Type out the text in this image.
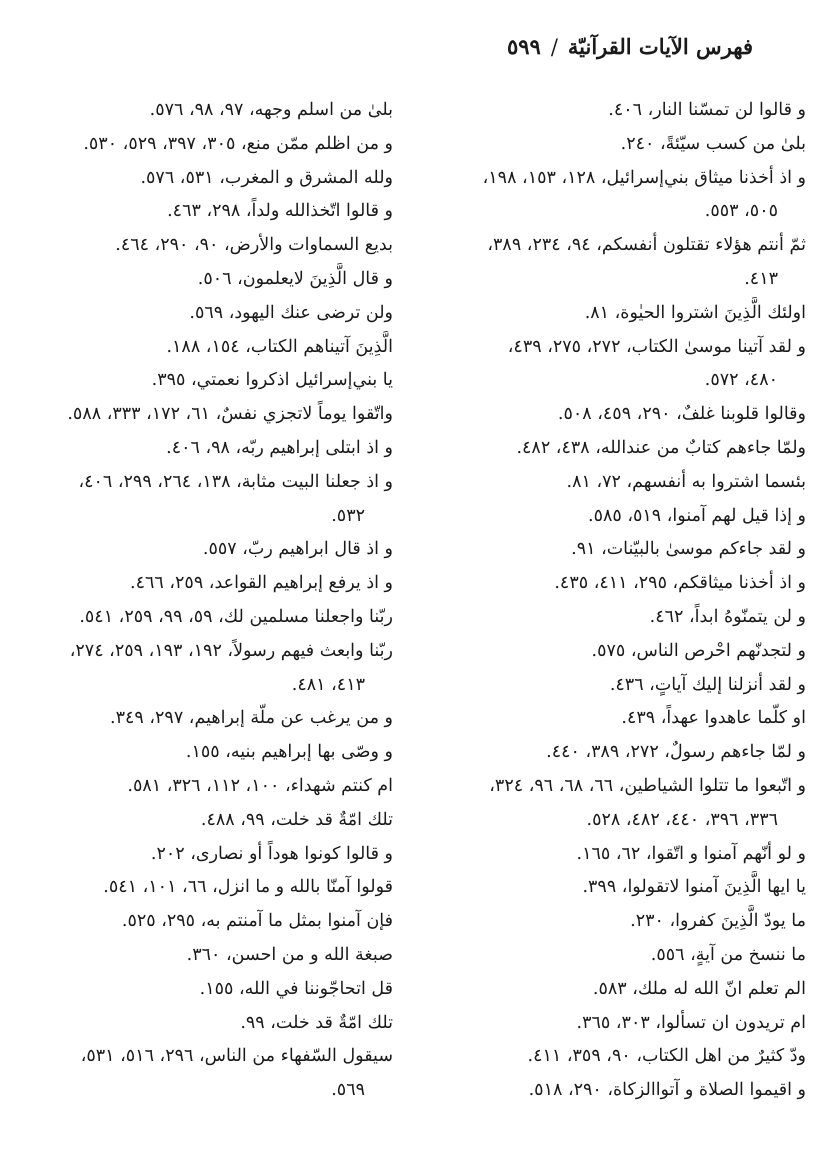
فهرس الآيات القرآنيّة/٥٩٩
و قالوا لن تمسّنا النار، ٤٠٦.
بلىٰ من كسب سيّئةً، ٢٤٠.
و اذ أخذنا ميثاق بني‌إسرائيل، ١٢٨، ١٥٣، ١٩٨،
٥٠٥، ٥٥٣.
ثمّ أنتم هؤلاء تقتلون أنفسكم، ٩٤، ٢٣٤، ٣٨٩،
٤١٣.
اولئك الَّذِينَ اشتروا الحيٰوة، ٨١.
و لقد آتينا موسىٰ الكتاب، ٢٧٢، ٢٧٥، ٤٣٩،
٤٨٠، ٥٧٢.
وقالوا قلوبنا غلفٌ، ٢٩٠، ٤٥٩، ٥٠٨.
ولمّا جاءهم كتابٌ من عندالله، ٤٣٨، ٤٨٢.
بئسما اشتروا به أنفسهم، ٧٢، ٨١.
و إذا قيل لهم آمنوا، ٥١٩، ٥٨٥.
و لقد جاءكم موسىٰ بالبيّنات، ٩١.
و اذ أخذنا ميثاقكم، ٢٩٥، ٤١١، ٤٣٥.
و لن يتمنّوهُ ابداً، ٤٦٢.
و لتجدنّهم احْرص الناس، ٥٧٥.
و لقد أنزلنا إليك آياتٍ، ٤٣٦.
او كلّما عاهدوا عهداً، ٤٣٩.
و لمّا جاءهم رسولٌ، ٢٧٢، ٣٨٩، ٤٤٠.
و اتّبعوا ما تتلوا الشياطين، ٦٦، ٦٨، ٩٦، ٣٢٤،
٣٣٦، ٣٩٦، ٤٤٠، ٤٨٢، ٥٢٨.
و لو أنّهم آمنوا و اتّقوا، ٦٢، ١٦٥.
يا ايها الَّذِينَ آمنوا لاتقولوا، ٣٩٩.
ما يودّ الَّذِينَ كفروا، ٢٣٠.
ما ننسخ من آيةٍ، ٥٥٦.
الم تعلم انّ الله له ملك، ٥٨٣.
ام تريدون ان تسألوا، ٣٠٣، ٣٦٥.
ودّ كثيرٌ من اهل الكتاب، ٩٠، ٣٥٩، ٤١١.
و اقيموا الصلاة و آتواالزكاة، ٢٩٠، ٥١٨.
بلىٰ من اسلم وجهه، ٩٧، ٩٨، ٥٧٦.
و من اظلم ممّن منع، ٣٠٥، ٣٩٧، ٥٢٩، ٥٣٠.
ولله المشرق و المغرب، ٥٣١، ٥٧٦.
و قالوا اتّخذالله ولداً، ٢٩٨، ٤٦٣.
بديع السماوات والأرض، ٩٠، ٢٩٠، ٤٦٤.
و قال الَّذِينَ لايعلمون، ٥٠٦.
ولن ترضى عنك اليهود، ٥٦٩.
الَّذِينَ آتيناهم الكتاب، ١٥٤، ١٨٨.
يا بني‌إسرائيل اذكروا نعمتي، ٣٩٥.
واتّقوا يوماً لاتجزي نفسٌ، ٦١، ١٧٢، ٣٣٣، ٥٨٨.
و اذ ابتلى إبراهيم ربّه، ٩٨، ٤٠٦.
و اذ جعلنا البيت مثابة، ١٣٨، ٢٦٤، ٢٩٩، ٤٠٦،
٥٣٢.
و اذ قال ابراهيم ربّ، ٥٥٧.
و اذ يرفع إبراهيم القواعد، ٢٥٩، ٤٦٦.
ربّنا واجعلنا مسلمين لك، ٥٩، ٩٩، ٢٥٩، ٥٤١.
ربّنا وابعث فيهم رسولاً، ١٩٢، ١٩٣، ٢٥٩، ٢٧٤،
٤١٣، ٤٨١.
و من يرغب عن ملّة إبراهيم، ٢٩٧، ٣٤٩.
و وصّى بها إبراهيم بنيه، ١٥٥.
ام كنتم شهداء، ١٠٠، ١١٢، ٣٢٦، ٥٨١.
تلك امّةٌ قد خلت، ٩٩، ٤٨٨.
و قالوا كونوا هوداً أو نصارى، ٢٠٢.
قولوا آمنّا بالله و ما انزل، ٦٦، ١٠١، ٥٤١.
فإن آمنوا بمثل ما آمنتم به، ٢٩٥، ٥٢٥.
صبغة الله و من احسن، ٣٦٠.
قل اتحاجّوننا في الله، ١٥٥.
تلك امّةٌ قد خلت، ٩٩.
سيقول السّفهاء من الناس، ٢٩٦، ٥١٦، ٥٣١،
٥٦٩.
